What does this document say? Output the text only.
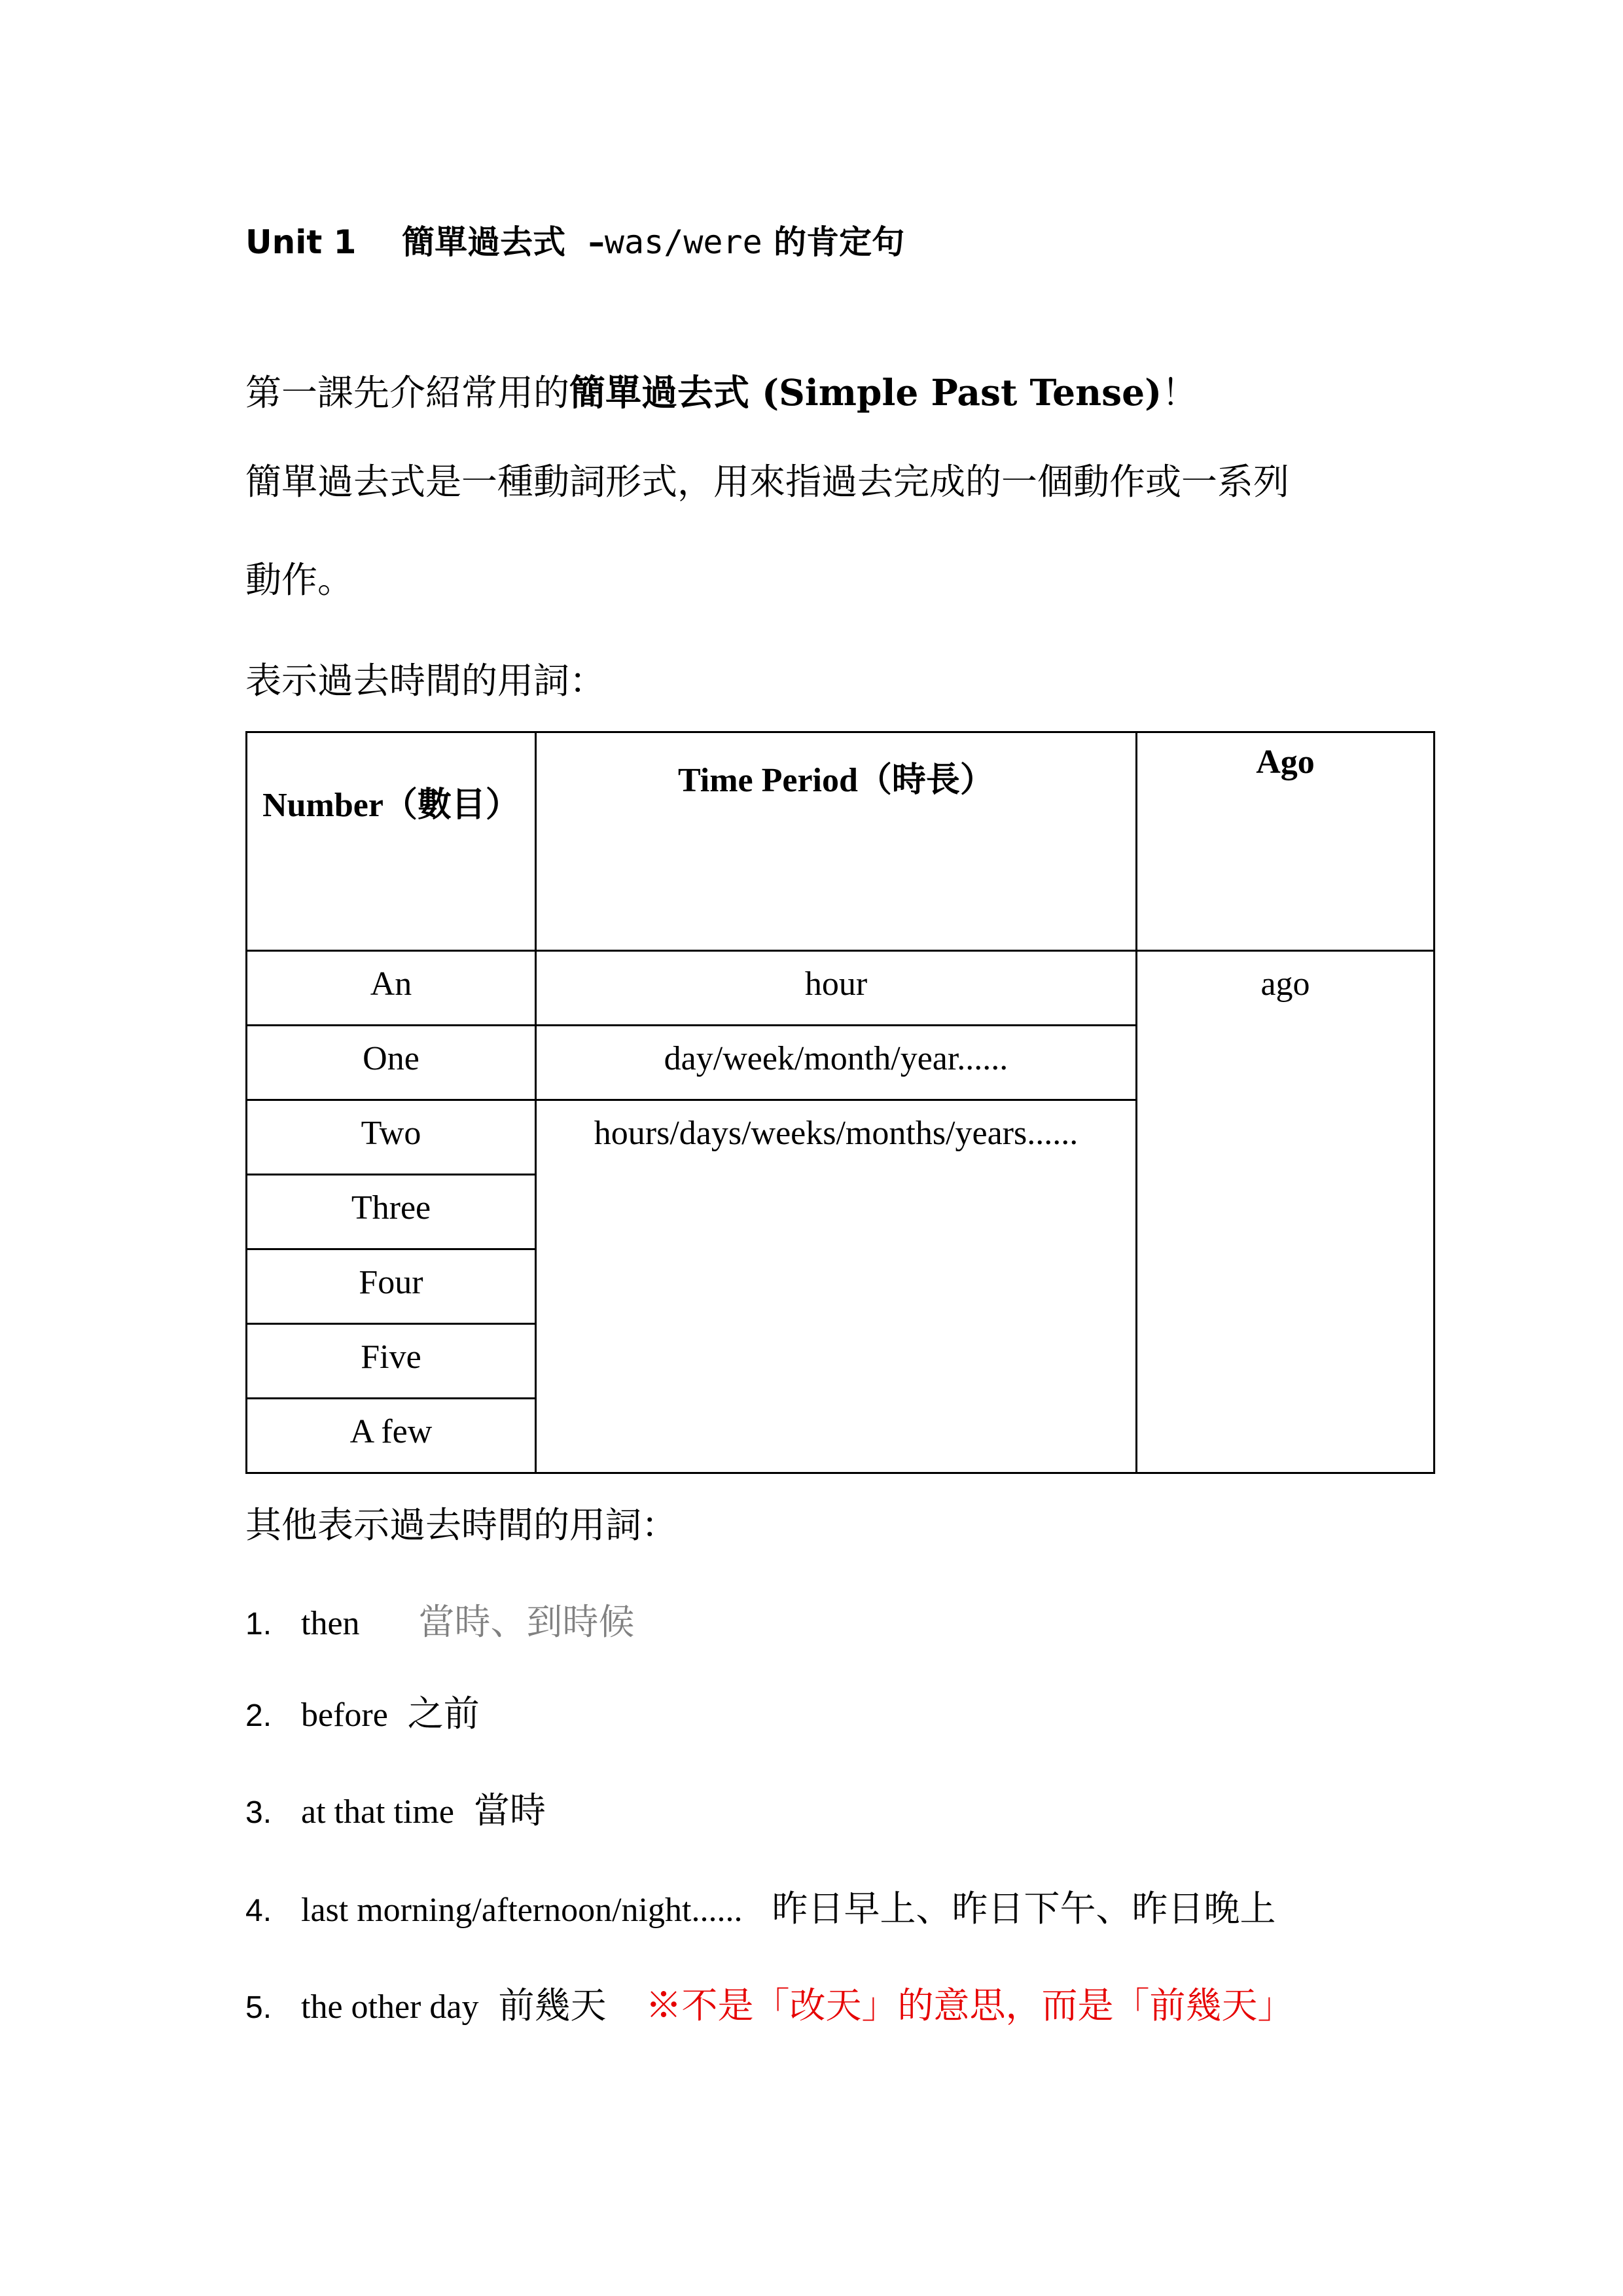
Unit 1 簡單過去式 –was/were 的肯定句
第一課先介紹常用的簡單過去式 (Simple Past Tense)！
簡單過去式是一種動詞形式，用來指過去完成的一個動作或一系列
動作。
表示過去時間的用詞：
Number（數目）	Time Period（時長）	Ago

An	hour	ago

One	day/week/month/year......	

Two	hours/days/weeks/months/years......	

Three		

Four		

Five		

A few		
其他表示過去時間的用詞：
1. then 當時、到時候
2. before 之前
3. at that time 當時
4. last morning/afternoon/night...... 昨日早上、昨日下午、昨日晚上
5. the other day 前幾天 ※不是「改天」的意思，而是「前幾天」
